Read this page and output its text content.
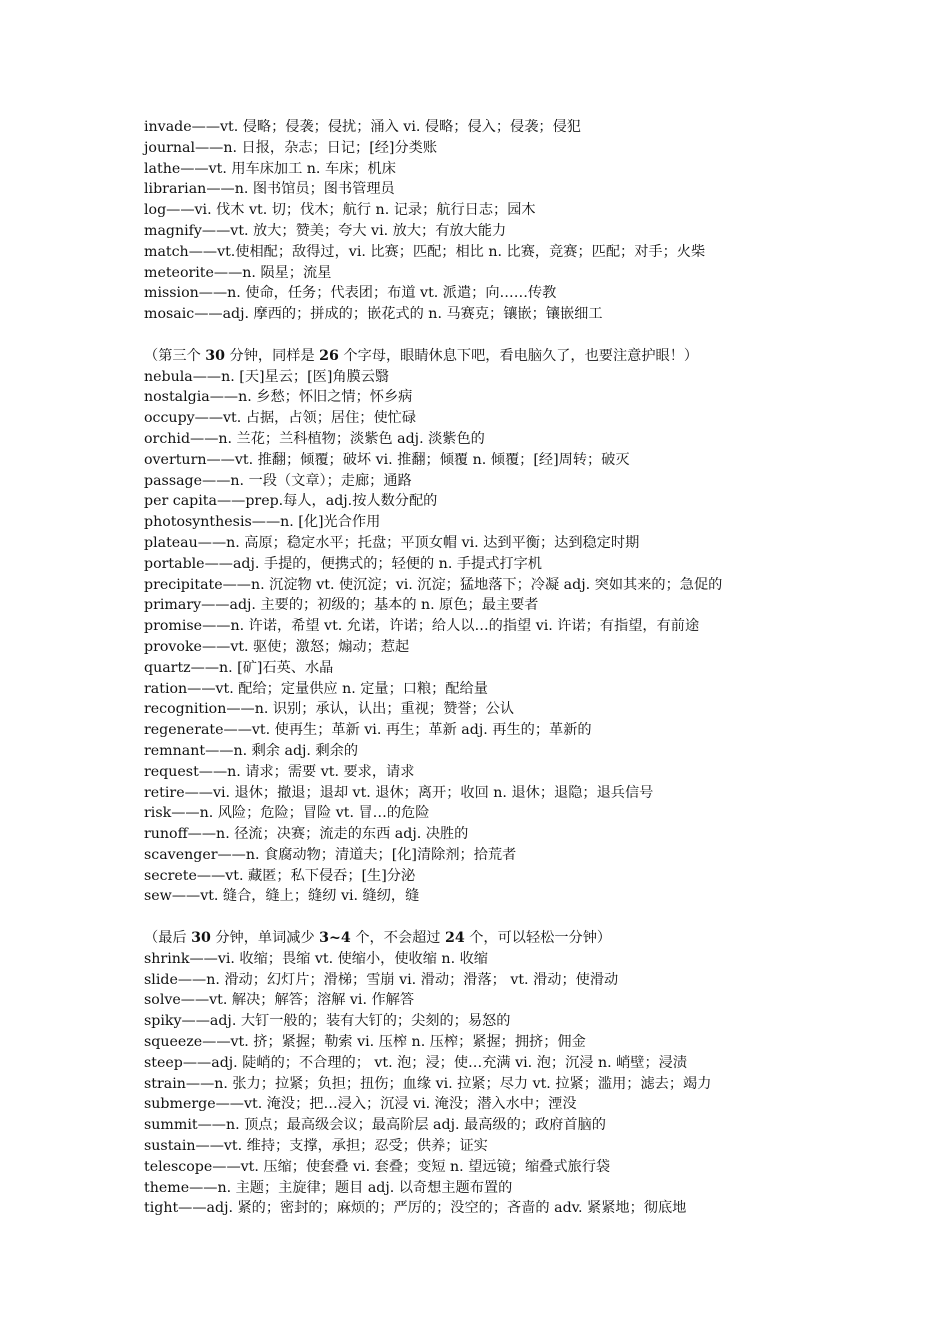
invade——vt. 侵略；侵袭；侵扰；涌入 vi. 侵略；侵入；侵袭；侵犯
journal——n. 日报，杂志；日记；[经]分类账
lathe——vt. 用车床加工 n. 车床；机床
librarian——n. 图书馆员；图书管理员
log——vi. 伐木 vt. 切；伐木；航行 n. 记录；航行日志；园木
magnify——vt. 放大；赞美；夸大 vi. 放大；有放大能力
match——vt.使相配；敌得过，vi. 比赛；匹配；相比 n. 比赛，竞赛；匹配；对手；火柴
meteorite——n. 陨星；流星
mission——n. 使命，任务；代表团；布道 vt. 派遣；向……传教
mosaic——adj. 摩西的；拼成的；嵌花式的 n. 马赛克；镶嵌；镶嵌细工
（第三个 30 分钟，同样是 26 个字母，眼睛休息下吧，看电脑久了，也要注意护眼！）
nebula——n. [天]星云；[医]角膜云翳
nostalgia——n. 乡愁；怀旧之情；怀乡病
occupy——vt. 占据，占领；居住；使忙碌
orchid——n. 兰花；兰科植物；淡紫色 adj. 淡紫色的
overturn——vt. 推翻；倾覆；破坏 vi. 推翻；倾覆 n. 倾覆；[经]周转；破灭
passage——n. 一段（文章）；走廊；通路
per capita——prep.每人，adj.按人数分配的
photosynthesis——n. [化]光合作用
plateau——n. 高原；稳定水平；托盘；平顶女帽 vi. 达到平衡；达到稳定时期
portable——adj. 手提的，便携式的；轻便的 n. 手提式打字机
precipitate——n. 沉淀物 vt. 使沉淀；vi. 沉淀；猛地落下；冷凝 adj. 突如其来的；急促的
primary——adj. 主要的；初级的；基本的 n. 原色；最主要者
promise——n. 许诺，希望 vt. 允诺，许诺；给人以…的指望 vi. 许诺；有指望，有前途
provoke——vt. 驱使；激怒；煽动；惹起
quartz——n. [矿]石英、水晶
ration——vt. 配给；定量供应 n. 定量；口粮；配给量
recognition——n. 识别；承认，认出；重视；赞誉；公认
regenerate——vt. 使再生；革新 vi. 再生；革新 adj. 再生的；革新的
remnant——n. 剩余 adj. 剩余的
request——n. 请求；需要 vt. 要求，请求
retire——vi. 退休；撤退；退却 vt. 退休；离开；收回 n. 退休；退隐；退兵信号
risk——n. 风险；危险；冒险 vt. 冒…的危险
runoff——n. 径流；决赛；流走的东西 adj. 决胜的
scavenger——n. 食腐动物；清道夫；[化]清除剂；拾荒者
secrete——vt. 藏匿；私下侵吞；[生]分泌
sew——vt. 缝合，缝上；缝纫 vi. 缝纫，缝
（最后 30 分钟，单词减少 3~4 个，不会超过 24 个，可以轻松一分钟）
shrink——vi. 收缩；畏缩 vt. 使缩小，使收缩 n. 收缩
slide——n. 滑动；幻灯片；滑梯；雪崩 vi. 滑动；滑落； vt. 滑动；使滑动
solve——vt. 解决；解答；溶解 vi. 作解答
spiky——adj. 大钉一般的；装有大钉的；尖刻的；易怒的
squeeze——vt. 挤；紧握；勒索 vi. 压榨 n. 压榨；紧握；拥挤；佣金
steep——adj. 陡峭的；不合理的； vt. 泡；浸；使…充满 vi. 泡；沉浸 n. 峭壁；浸渍
strain——n. 张力；拉紧；负担；扭伤；血缘 vi. 拉紧；尽力 vt. 拉紧；滥用；滤去；竭力
submerge——vt. 淹没；把…浸入；沉浸 vi. 淹没；潜入水中；湮没
summit——n. 顶点；最高级会议；最高阶层 adj. 最高级的；政府首脑的
sustain——vt. 维持；支撑，承担；忍受；供养；证实
telescope——vt. 压缩；使套叠 vi. 套叠；变短 n. 望远镜；缩叠式旅行袋
theme——n. 主题；主旋律；题目 adj. 以奇想主题布置的
tight——adj. 紧的；密封的；麻烦的；严厉的；没空的；吝啬的 adv. 紧紧地；彻底地
